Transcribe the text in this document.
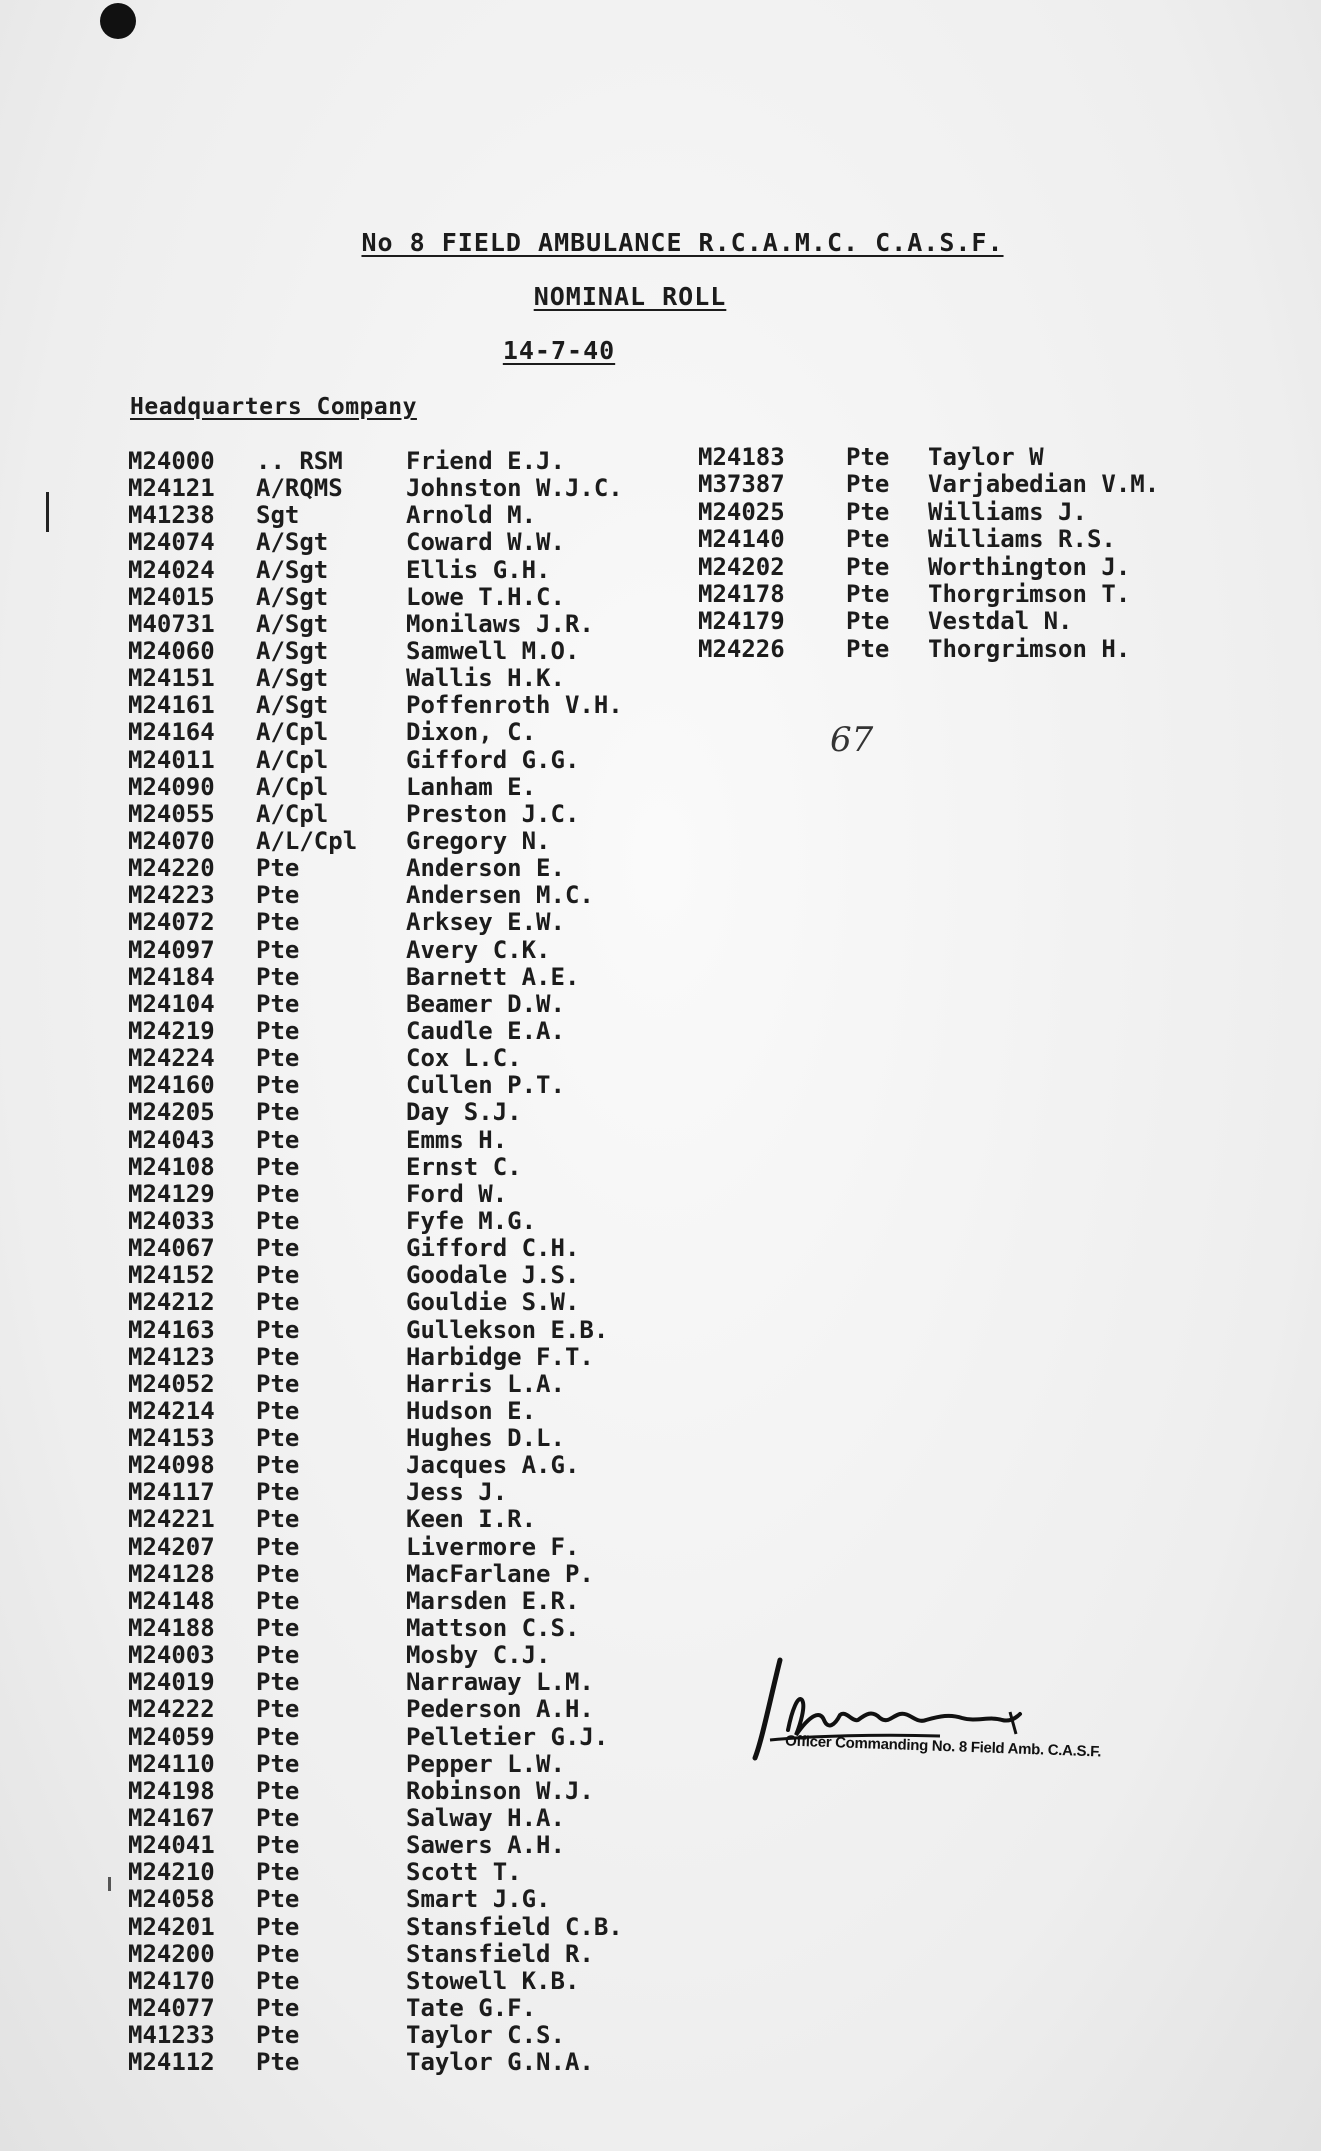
No 8 FIELD AMBULANCE R.C.A.M.C. C.A.S.F.
NOMINAL ROLL
14-7-40
Headquarters Company
M24000 .. RSM	Friend E.J.
M24121 A/RQMS	Johnston W.J.C.
M41238 Sgt	Arnold M.
M24074 A/Sgt	Coward W.W.
M24024 A/Sgt	Ellis G.H.
M24015 A/Sgt	Lowe T.H.C.
M40731 A/Sgt	Monilaws J.R.
M24060 A/Sgt	Samwell M.O.
M24151 A/Sgt	Wallis H.K.
M24161 A/Sgt	Poffenroth V.H.
M24164 A/Cpl	Dixon, C.
M24011 A/Cpl	Gifford G.G.
M24090 A/Cpl	Lanham E.
M24055 A/Cpl	Preston J.C.
M24070 A/L/Cpl Gregory N.
M24220 Pte	Anderson E.
M24223 Pte	Andersen M.C.
M24072 Pte	Arksey E.W.
M24097 Pte	Avery C.K.
M24184 Pte	Barnett A.E.
M24104 Pte	Beamer D.W.
M24219 Pte	Caudle E.A.
M24224 Pte	Cox L.C.
M24160 Pte	Cullen P.T.
M24205 Pte	Day S.J.
M24043 Pte	Emms H.
M24108 Pte	Ernst C.
M24129 Pte	Ford W.
M24033 Pte	Fyfe M.G.
M24067 Pte	Gifford C.H.
M24152 Pte	Goodale J.S.
M24212 Pte	Gouldie S.W.
M24163 Pte	Gullekson E.B.
M24123 Pte	Harbidge F.T.
M24052 Pte	Harris L.A.
M24214 Pte	Hudson E.
M24153 Pte	Hughes D.L.
M24098 Pte	Jacques A.G.
M24117 Pte	Jess J.
M24221 Pte	Keen I.R.
M24207 Pte	Livermore F.
M24128 Pte	MacFarlane P.
M24148 Pte	Marsden E.R.
M24188 Pte	Mattson C.S.
M24003 Pte	Mosby C.J.
M24019 Pte	Narraway L.M.
M24222 Pte	Pederson A.H.
M24059 Pte	Pelletier G.J.
M24110 Pte	Pepper L.W.
M24198 Pte	Robinson W.J.
M24167 Pte	Salway H.A.
M24041 Pte	Sawers A.H.
M24210 Pte	Scott T.
M24058 Pte	Smart J.G.
M24201 Pte	Stansfield C.B.
M24200 Pte	Stansfield R.
M24170 Pte	Stowell K.B.
M24077 Pte	Tate G.F.
M41233 Pte	Taylor C.S.
M24112 Pte	Taylor G.N.A.
M24183	Pte Taylor W
M37387	Pte Varjabedian V.M.
M24025	Pte Williams J.
M24140	Pte Williams R.S.
M24202	Pte Worthington J.
M24178	Pte Thorgrimson T.
M24179	Pte Vestdal N.
M24226	Pte Thorgrimson H.
67
Officer Commanding No. 8 Field Amb. C.A.S.F.
